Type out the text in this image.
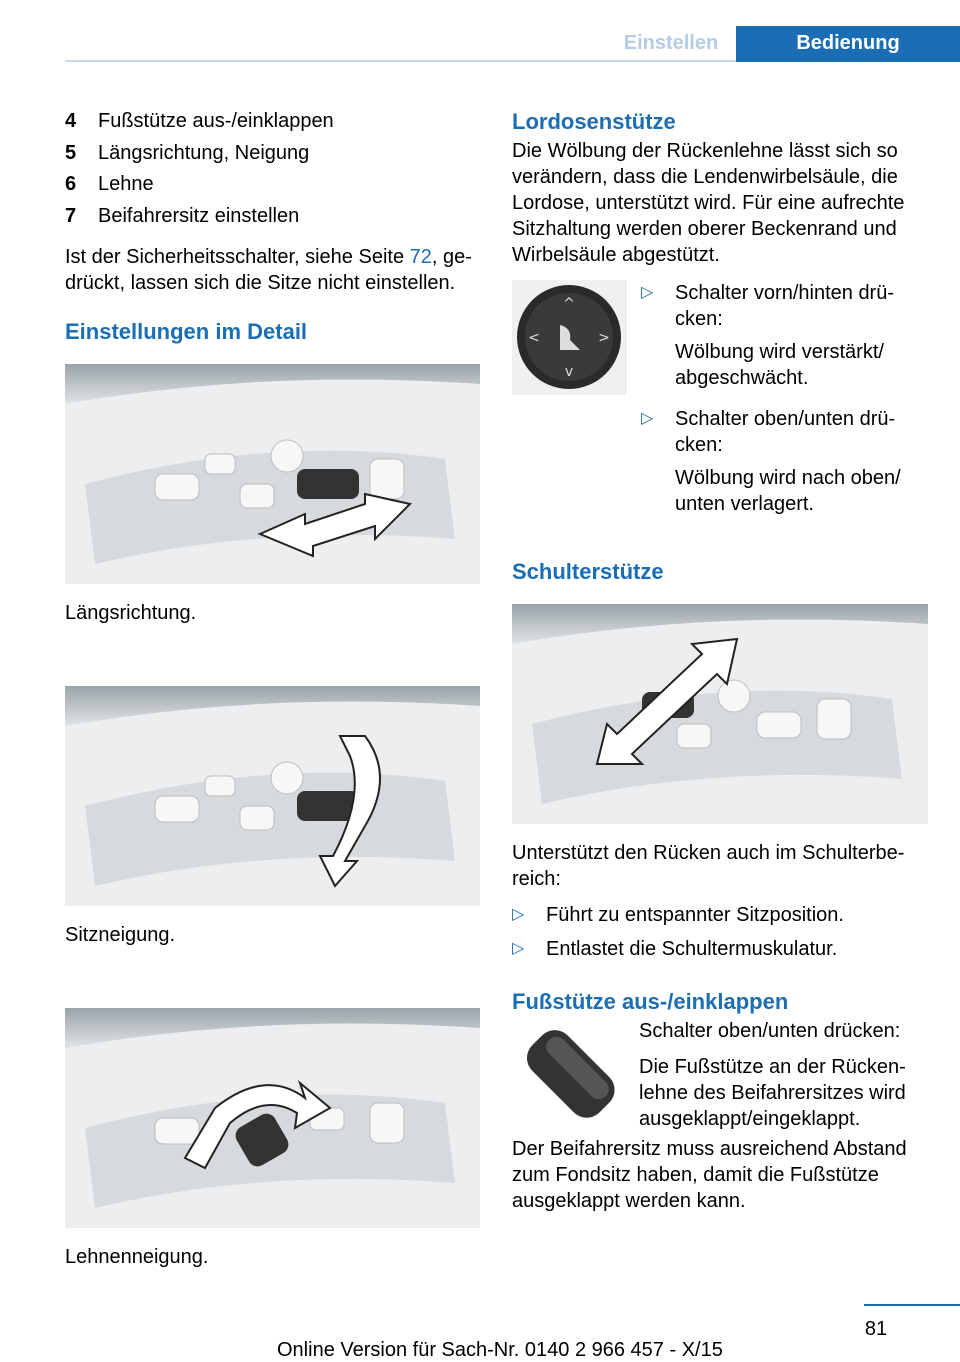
Einstellen	Bedienung
4	Fußstütze aus-/einklappen
5	Längsrichtung, Neigung
6	Lehne
7	Beifahrersitz einstellen

Ist der Sicherheitsschalter, siehe Seite 72, gedrückt, lassen sich die Sitze nicht einstellen.

Einstellungen im Detail

Längsrichtung.

Sitzneigung.

Lehnenneigung.

Lordosenstütze

Die Wölbung der Rückenlehne lässt sich so verändern, dass die Lendenwirbelsäule, die Lordose, unterstützt wird. Für eine aufrechte Sitzhaltung werden oberer Beckenrand und Wirbelsäule abgestützt.

^
v
<	>
▷	Schalter vorn/hinten drücken:

Wölbung wird verstärkt/ abgeschwächt.

▷	Schalter oben/unten drücken:

Wölbung wird nach oben/ unten verlagert.

Schulterstütze

Unterstützt den Rücken auch im Schulterbereich:

▷	Führt zu entspannter Sitzposition.
▷	Entlastet die Schultermuskulatur.
Fußstütze aus-/einklappen

Schalter oben/unten drücken:

Die Fußstütze an der Rückenlehne des Beifahrersitzes wird ausgeklappt/eingeklappt.

Der Beifahrersitz muss ausreichend Abstand zum Fondsitz haben, damit die Fußstütze ausgeklappt werden kann.

81
Online Version für Sach-Nr. 0140 2 966 457 - X/15
